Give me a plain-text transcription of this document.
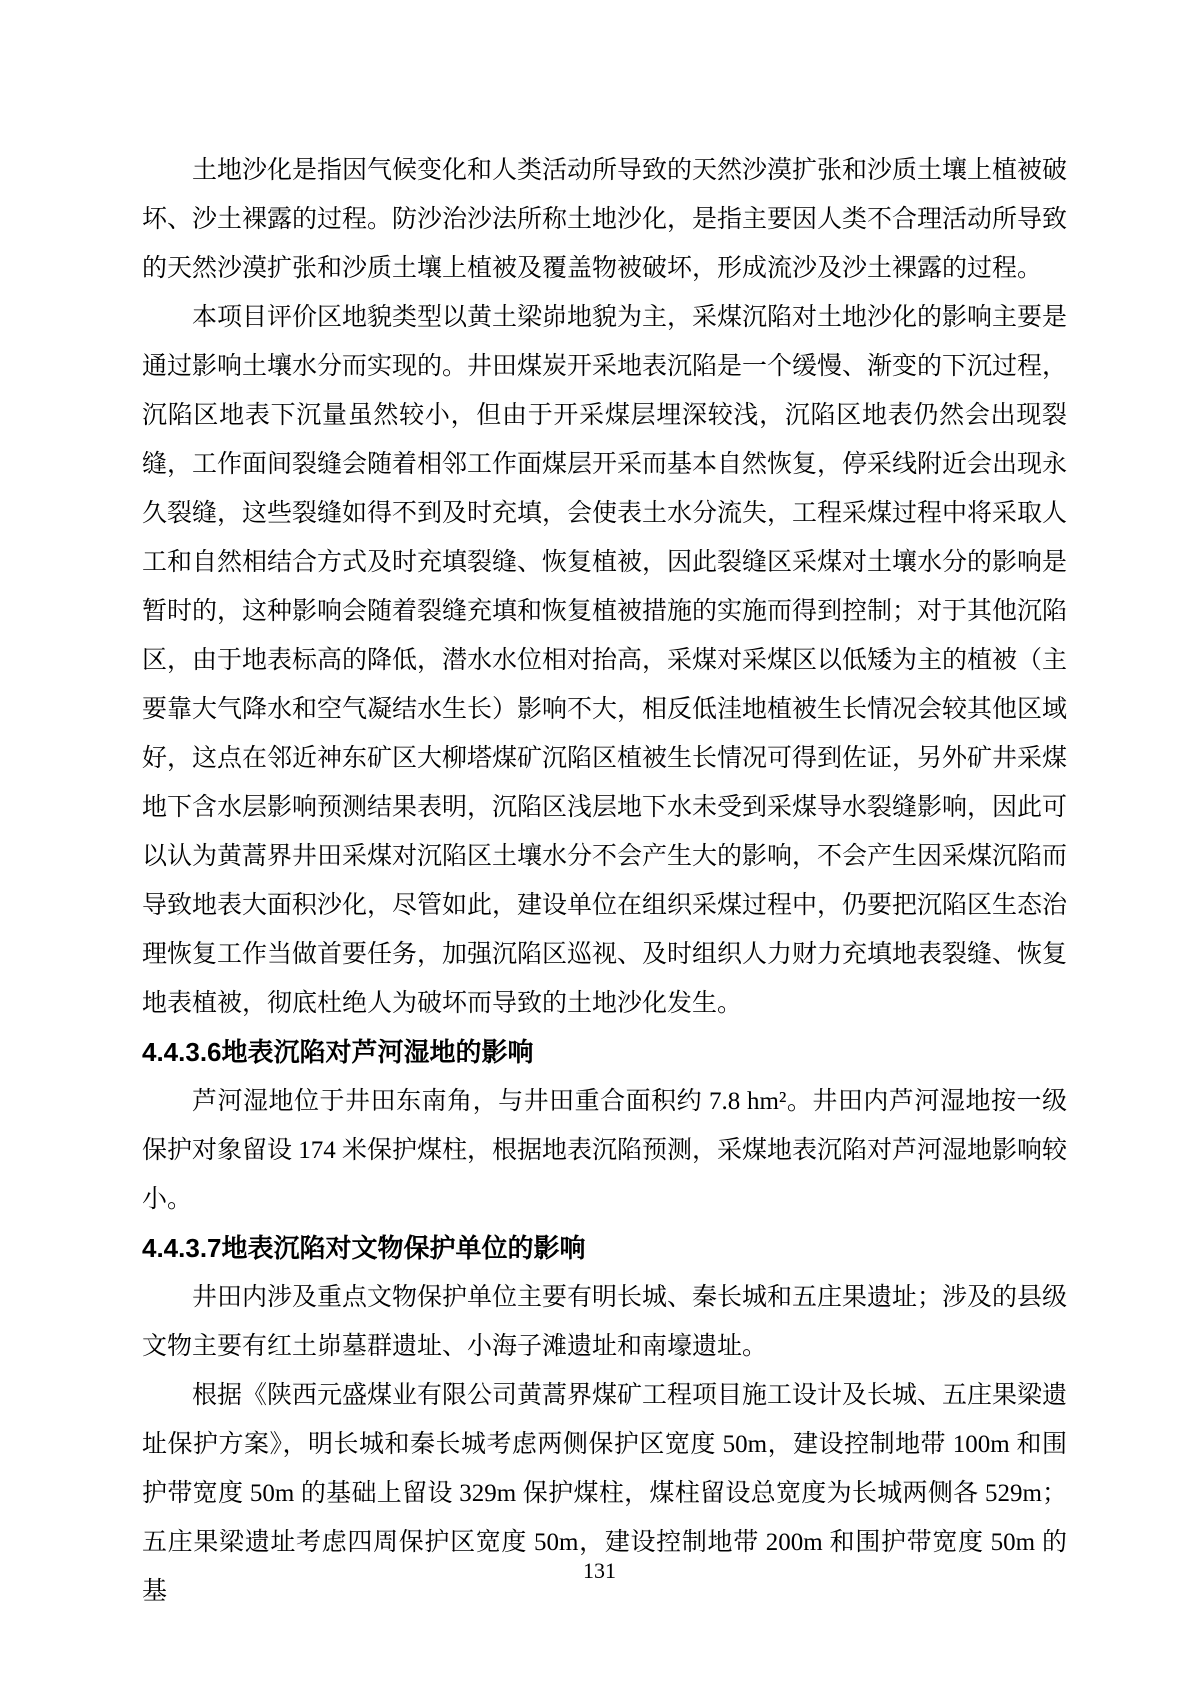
土地沙化是指因气候变化和人类活动所导致的天然沙漠扩张和沙质土壤上植被破坏、沙土裸露的过程。防沙治沙法所称土地沙化，是指主要因人类不合理活动所导致的天然沙漠扩张和沙质土壤上植被及覆盖物被破坏，形成流沙及沙土裸露的过程。

本项目评价区地貌类型以黄土梁峁地貌为主，采煤沉陷对土地沙化的影响主要是通过影响土壤水分而实现的。井田煤炭开采地表沉陷是一个缓慢、渐变的下沉过程，沉陷区地表下沉量虽然较小，但由于开采煤层埋深较浅，沉陷区地表仍然会出现裂缝，工作面间裂缝会随着相邻工作面煤层开采而基本自然恢复，停采线附近会出现永久裂缝，这些裂缝如得不到及时充填，会使表土水分流失，工程采煤过程中将采取人工和自然相结合方式及时充填裂缝、恢复植被，因此裂缝区采煤对土壤水分的影响是暂时的，这种影响会随着裂缝充填和恢复植被措施的实施而得到控制；对于其他沉陷区，由于地表标高的降低，潜水水位相对抬高，采煤对采煤区以低矮为主的植被（主要靠大气降水和空气凝结水生长）影响不大，相反低洼地植被生长情况会较其他区域好，这点在邻近神东矿区大柳塔煤矿沉陷区植被生长情况可得到佐证，另外矿井采煤地下含水层影响预测结果表明，沉陷区浅层地下水未受到采煤导水裂缝影响，因此可以认为黄蒿界井田采煤对沉陷区土壤水分不会产生大的影响，不会产生因采煤沉陷而导致地表大面积沙化，尽管如此，建设单位在组织采煤过程中，仍要把沉陷区生态治理恢复工作当做首要任务，加强沉陷区巡视、及时组织人力财力充填地表裂缝、恢复地表植被，彻底杜绝人为破坏而导致的土地沙化发生。

4.4.3.6地表沉陷对芦河湿地的影响

芦河湿地位于井田东南角，与井田重合面积约 7.8 hm²。井田内芦河湿地按一级保护对象留设 174 米保护煤柱，根据地表沉陷预测，采煤地表沉陷对芦河湿地影响较小。

4.4.3.7地表沉陷对文物保护单位的影响

井田内涉及重点文物保护单位主要有明长城、秦长城和五庄果遗址；涉及的县级文物主要有红土峁墓群遗址、小海子滩遗址和南壕遗址。

根据《陕西元盛煤业有限公司黄蒿界煤矿工程项目施工设计及长城、五庄果梁遗址保护方案》，明长城和秦长城考虑两侧保护区宽度 50m，建设控制地带 100m 和围护带宽度 50m 的基础上留设 329m 保护煤柱，煤柱留设总宽度为长城两侧各 529m；五庄果梁遗址考虑四周保护区宽度 50m，建设控制地带 200m 和围护带宽度 50m 的基

131
